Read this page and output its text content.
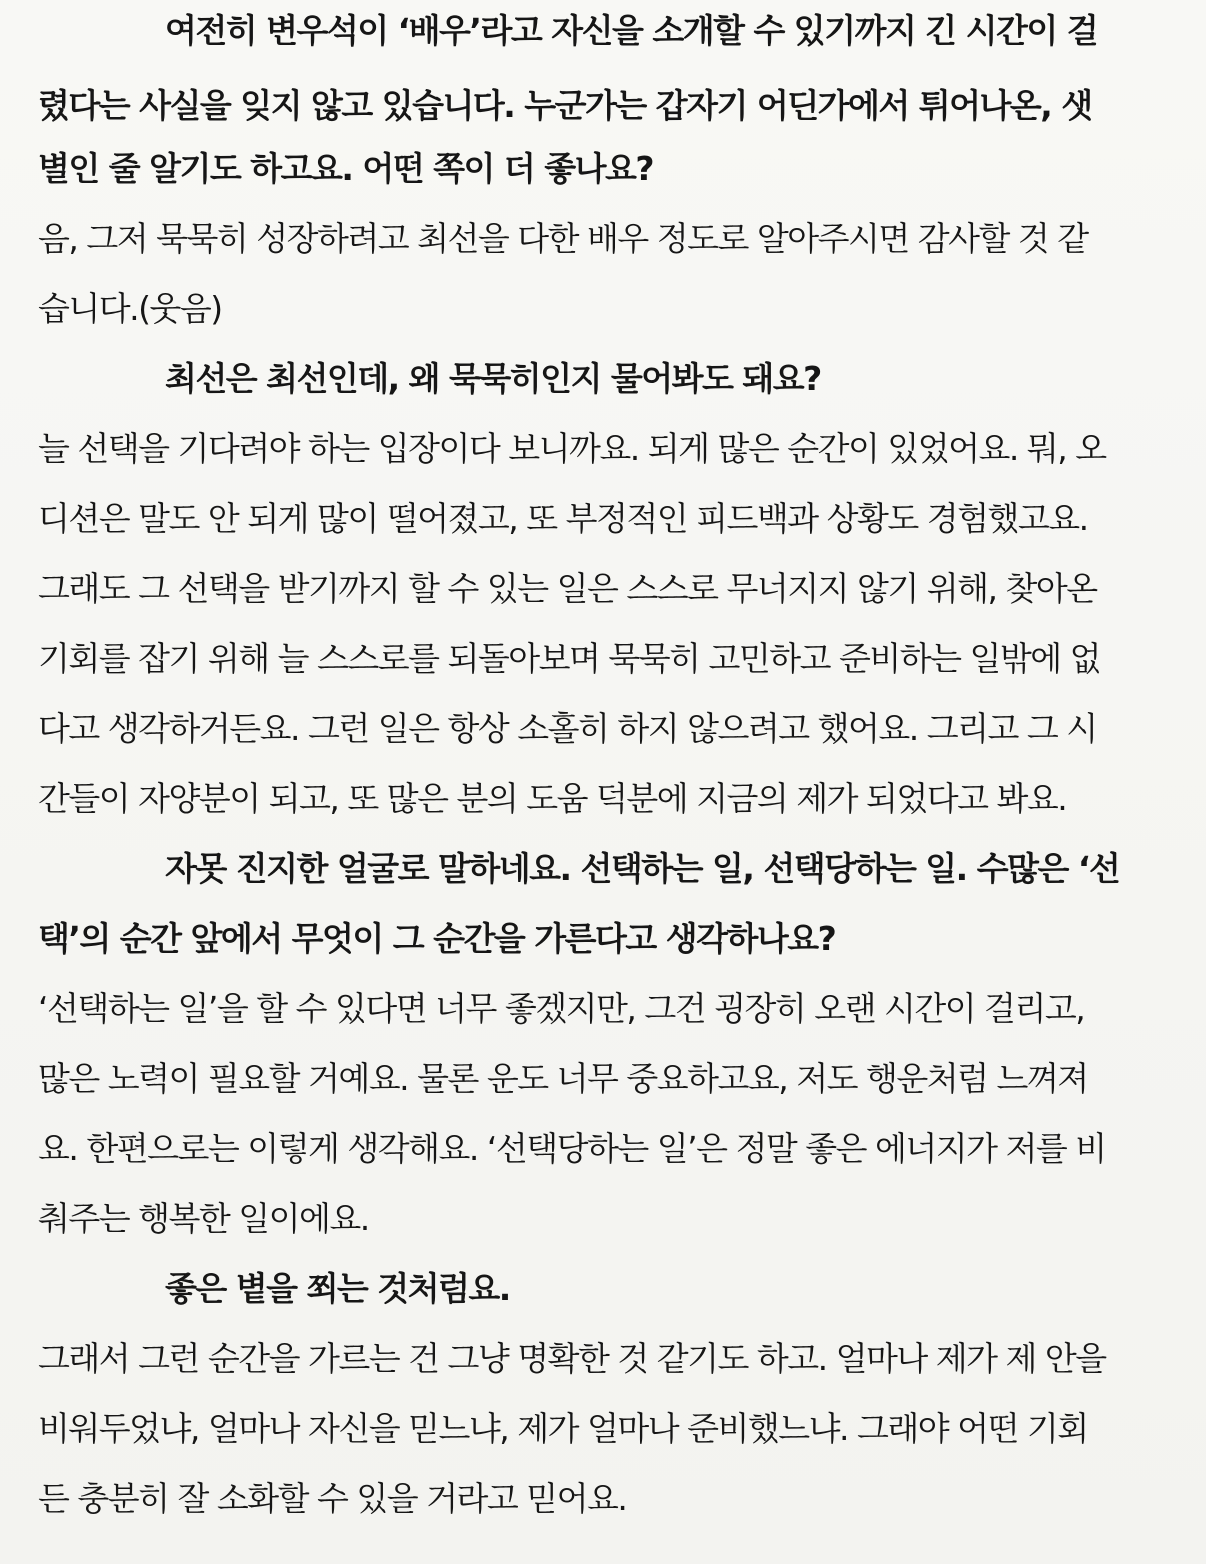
여전히 변우석이 ‘배우’라고 자신을 소개할 수 있기까지 긴 시간이 걸
렸다는 사실을 잊지 않고 있습니다. 누군가는 갑자기 어딘가에서 튀어나온, 샛
별인 줄 알기도 하고요. 어떤 쪽이 더 좋나요?
음, 그저 묵묵히 성장하려고 최선을 다한 배우 정도로 알아주시면 감사할 것 같
습니다.(웃음)
최선은 최선인데, 왜 묵묵히인지 물어봐도 돼요?
늘 선택을 기다려야 하는 입장이다 보니까요. 되게 많은 순간이 있었어요. 뭐, 오
디션은 말도 안 되게 많이 떨어졌고, 또 부정적인 피드백과 상황도 경험했고요.
그래도 그 선택을 받기까지 할 수 있는 일은 스스로 무너지지 않기 위해, 찾아온
기회를 잡기 위해 늘 스스로를 되돌아보며 묵묵히 고민하고 준비하는 일밖에 없
다고 생각하거든요. 그런 일은 항상 소홀히 하지 않으려고 했어요. 그리고 그 시
간들이 자양분이 되고, 또 많은 분의 도움 덕분에 지금의 제가 되었다고 봐요.
자못 진지한 얼굴로 말하네요. 선택하는 일, 선택당하는 일. 수많은 ‘선
택’의 순간 앞에서 무엇이 그 순간을 가른다고 생각하나요?
‘선택하는 일’을 할 수 있다면 너무 좋겠지만, 그건 굉장히 오랜 시간이 걸리고,
많은 노력이 필요할 거예요. 물론 운도 너무 중요하고요, 저도 행운처럼 느껴져
요. 한편으로는 이렇게 생각해요. ‘선택당하는 일’은 정말 좋은 에너지가 저를 비
춰주는 행복한 일이에요.
좋은 볕을 쬐는 것처럼요.
그래서 그런 순간을 가르는 건 그냥 명확한 것 같기도 하고. 얼마나 제가 제 안을
비워두었냐, 얼마나 자신을 믿느냐, 제가 얼마나 준비했느냐. 그래야 어떤 기회
든 충분히 잘 소화할 수 있을 거라고 믿어요.
